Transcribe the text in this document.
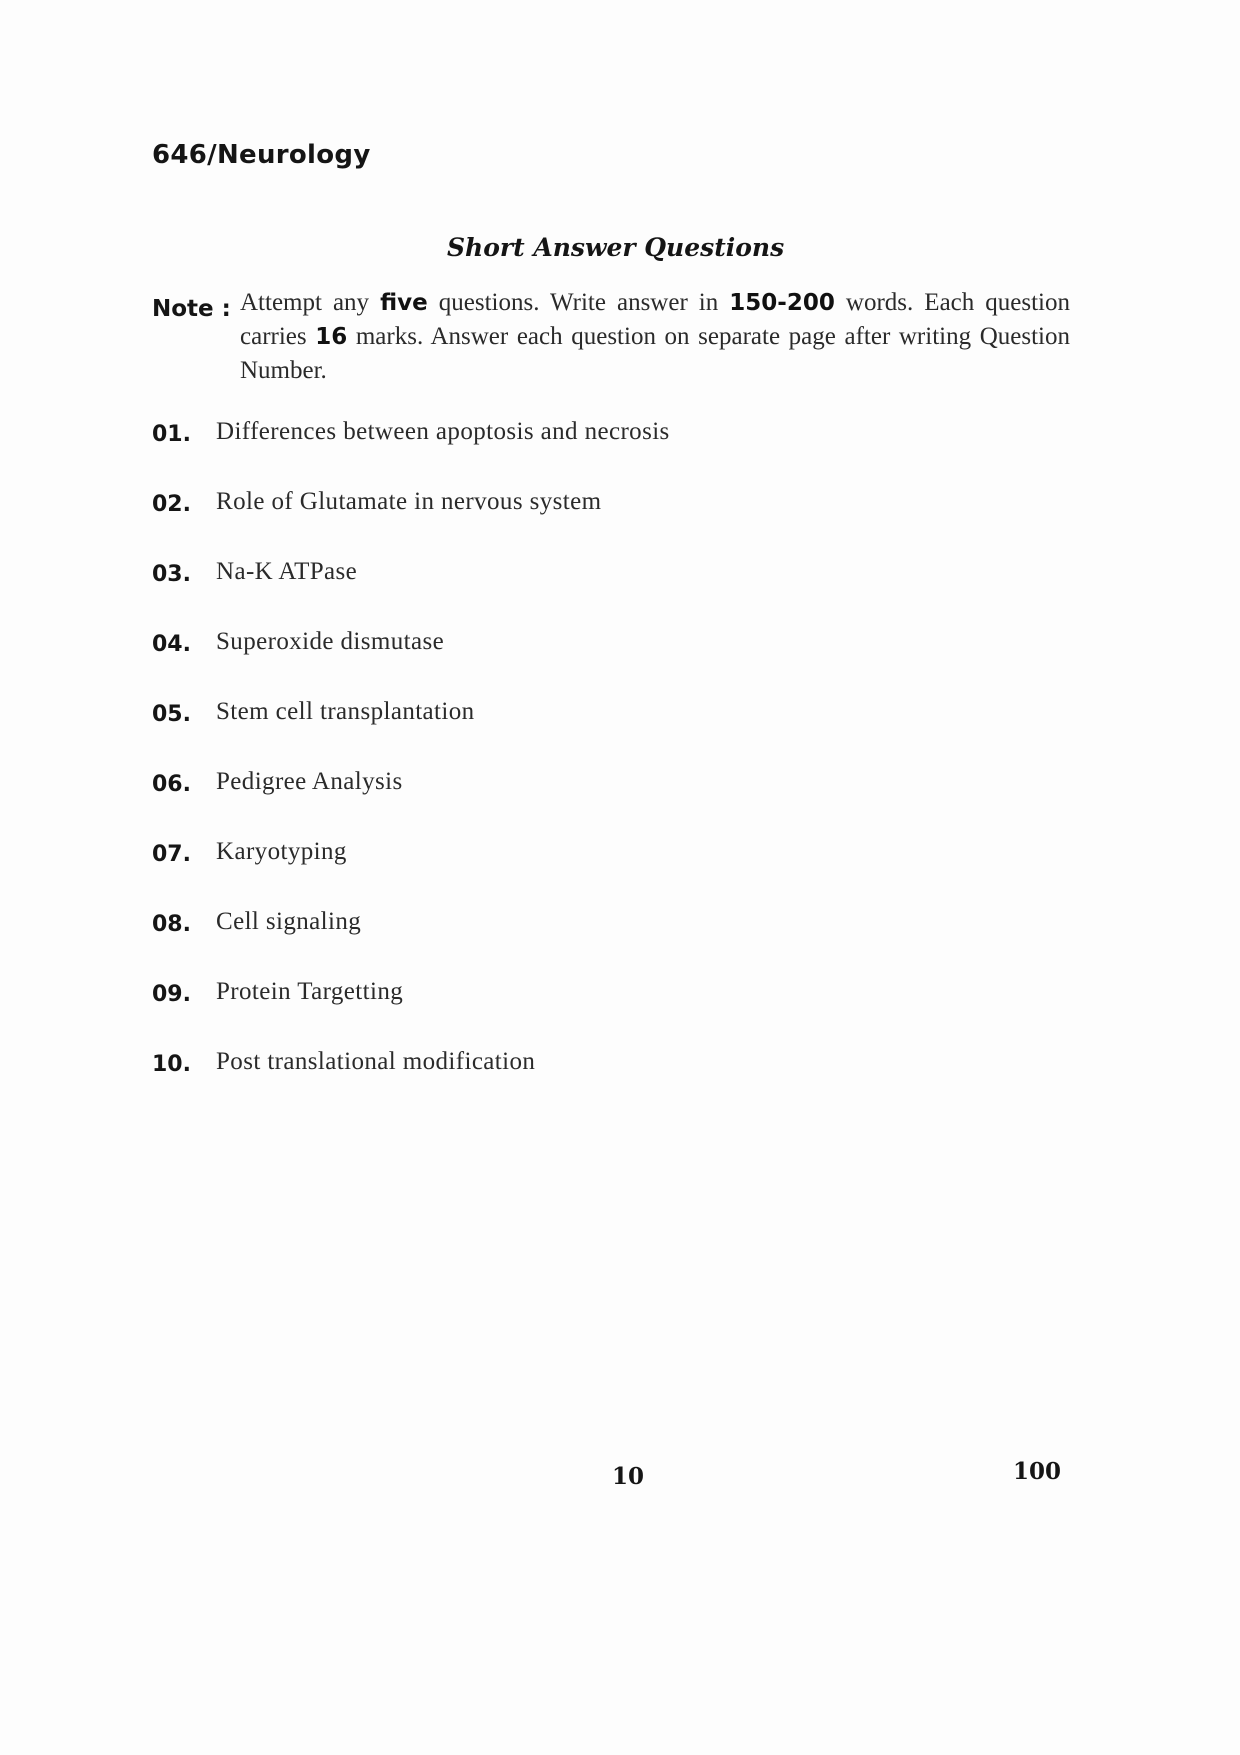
646/Neurology
Short Answer Questions
Note : Attempt any five questions. Write answer in 150-200 words. Each question carries 16 marks. Answer each question on separate page after writing Question Number.
01.	Differences between apoptosis and necrosis
02.	Role of Glutamate in nervous system
03.	Na-K ATPase
04.	Superoxide dismutase
05.	Stem cell transplantation
06.	Pedigree Analysis
07.	Karyotyping
08.	Cell signaling
09.	Protein Targetting
10.	Post translational modification
10	100
